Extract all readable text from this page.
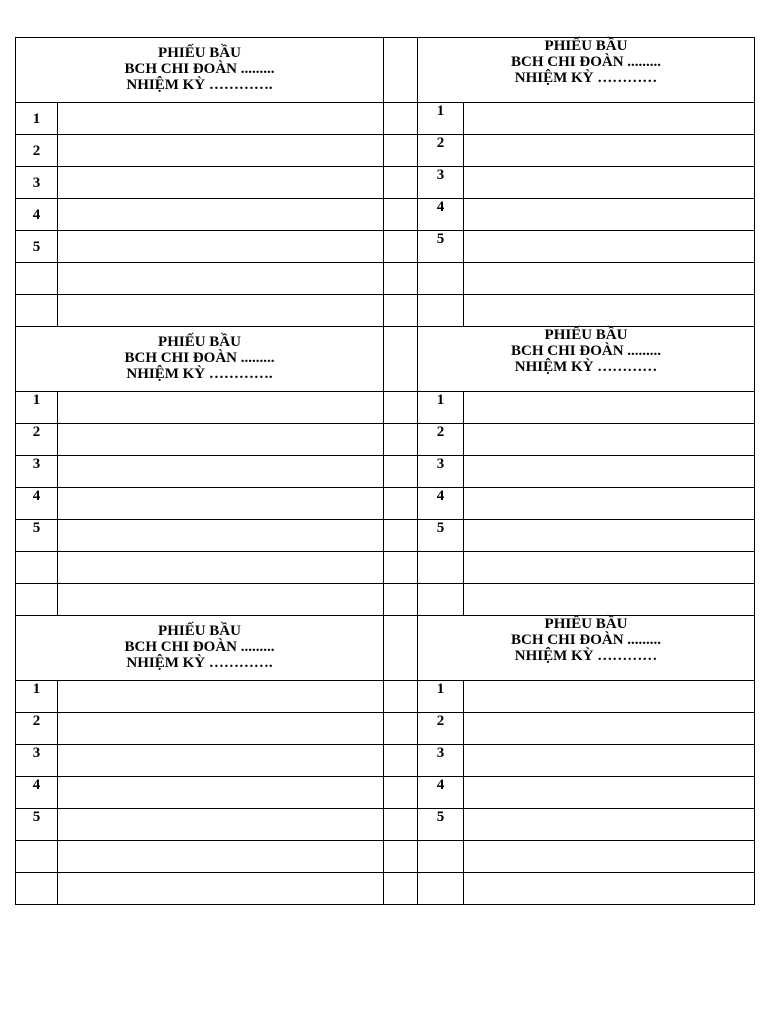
PHIẾU BẦU
BCH CHI ĐOÀN .........
NHIỆM KỲ ………….			PHIẾU BẦU
BCH CHI ĐOÀN .........
NHIỆM KỲ …………	

1			1	
2			2	
3			3	
4			4	
5			5	

PHIẾU BẦU
BCH CHI ĐOÀN .........
NHIỆM KỲ ………….			PHIẾU BẦU
BCH CHI ĐOÀN .........
NHIỆM KỲ …………	

1			1	
2			2	
3			3	
4			4	
5			5	

PHIẾU BẦU
BCH CHI ĐOÀN .........
NHIỆM KỲ ………….			PHIẾU BẦU
BCH CHI ĐOÀN .........
NHIỆM KỲ …………	

1			1	
2			2	
3			3	
4			4	
5			5	
